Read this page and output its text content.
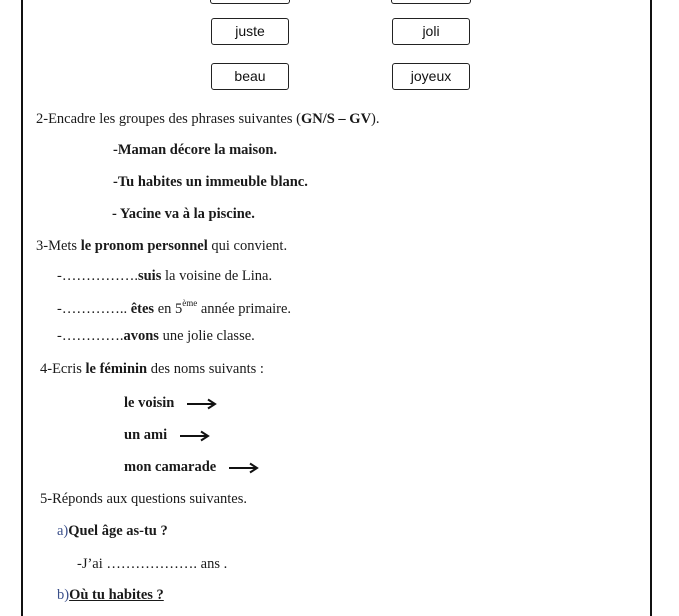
juste	joli
beau	joyeux
2-Encadre les groupes des phrases suivantes (GN/S – GV).
-Maman décore la maison.
-Tu habites un immeuble blanc.
- Yacine va à la piscine.
3-Mets le pronom personnel qui convient.
-…………….suis la voisine de Lina.
-………….. êtes en 5ème année primaire.
-………….avons une jolie classe.
4-Ecris le féminin des noms suivants :
le voisin
un ami
mon camarade
5-Réponds aux questions suivantes.
a)Quel âge as-tu ?
-J’ai ………………. ans .
b)Où tu habites ?
